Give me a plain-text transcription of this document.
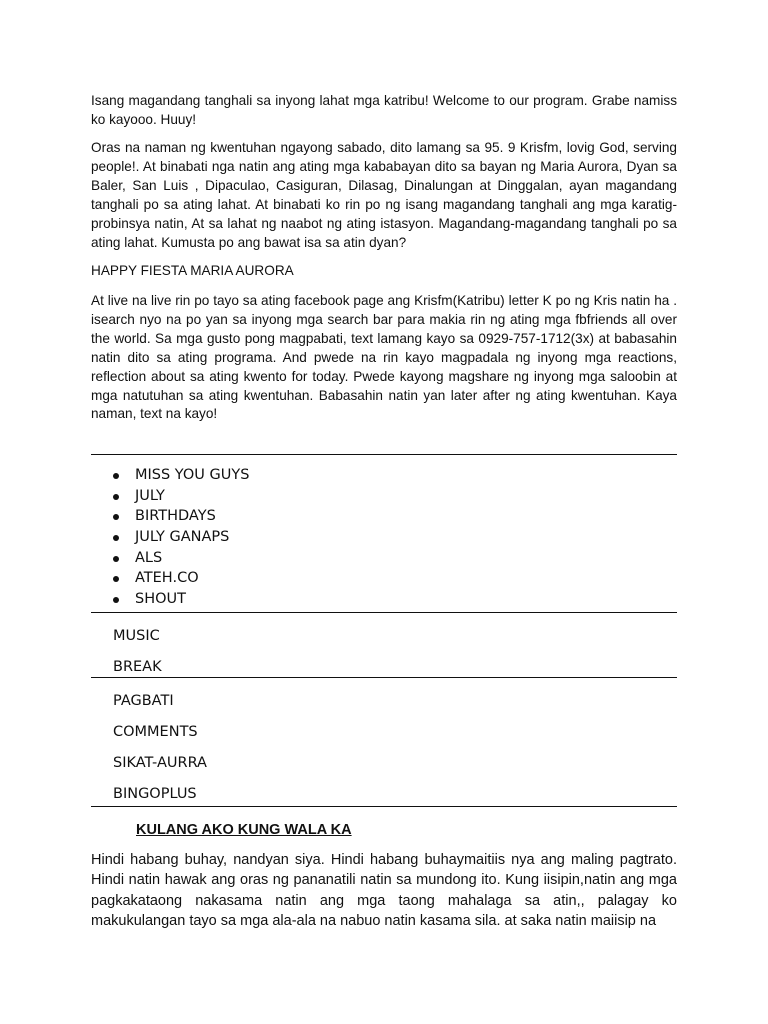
Isang magandang tanghali sa inyong lahat mga katribu! Welcome to our program. Grabe namiss ko kayooo. Huuy!

Oras na naman ng kwentuhan ngayong sabado, dito lamang sa 95. 9 Krisfm, lovig God, serving people!. At binabati nga natin ang ating mga kababayan dito sa bayan ng Maria Aurora, Dyan sa Baler, San Luis , Dipaculao, Casiguran, Dilasag, Dinalungan at Dinggalan, ayan magandang tanghali po sa ating lahat. At binabati ko rin po ng isang magandang tanghali ang mga karatig-probinsya natin, At sa lahat ng naabot ng ating istasyon. Magandang-magandang tanghali po sa ating lahat. Kumusta po ang bawat isa sa atin dyan?

HAPPY FIESTA MARIA AURORA

At live na live rin po tayo sa ating facebook page ang Krisfm(Katribu) letter K po ng Kris natin ha . isearch nyo na po yan sa inyong mga search bar para makia rin ng ating mga fbfriends all over the world. Sa mga gusto pong magpabati, text lamang kayo sa 0929-757-1712(3x) at babasahin natin dito sa ating programa. And pwede na rin kayo magpadala ng inyong mga reactions, reflection about sa ating kwento for today. Pwede kayong magshare ng inyong mga saloobin at mga natutuhan sa ating kwentuhan. Babasahin natin yan later after ng ating kwentuhan. Kaya naman, text na kayo!

MISS YOU GUYS
JULY
BIRTHDAYS
JULY GANAPS
ALS
ATEH.CO
SHOUT

MUSIC

BREAK

PAGBATI

COMMENTS

SIKAT-AURRA

BINGOPLUS

KULANG AKO KUNG WALA KA

Hindi habang buhay, nandyan siya. Hindi habang buhaymaitiis nya ang maling pagtrato. Hindi natin hawak ang oras ng pananatili natin sa mundong ito. Kung iisipin,natin ang mga pagkakataong nakasama natin ang mga taong mahalaga sa atin,, palagay ko makukulangan tayo sa mga ala-ala na nabuo natin kasama sila. at saka natin maiisip na
